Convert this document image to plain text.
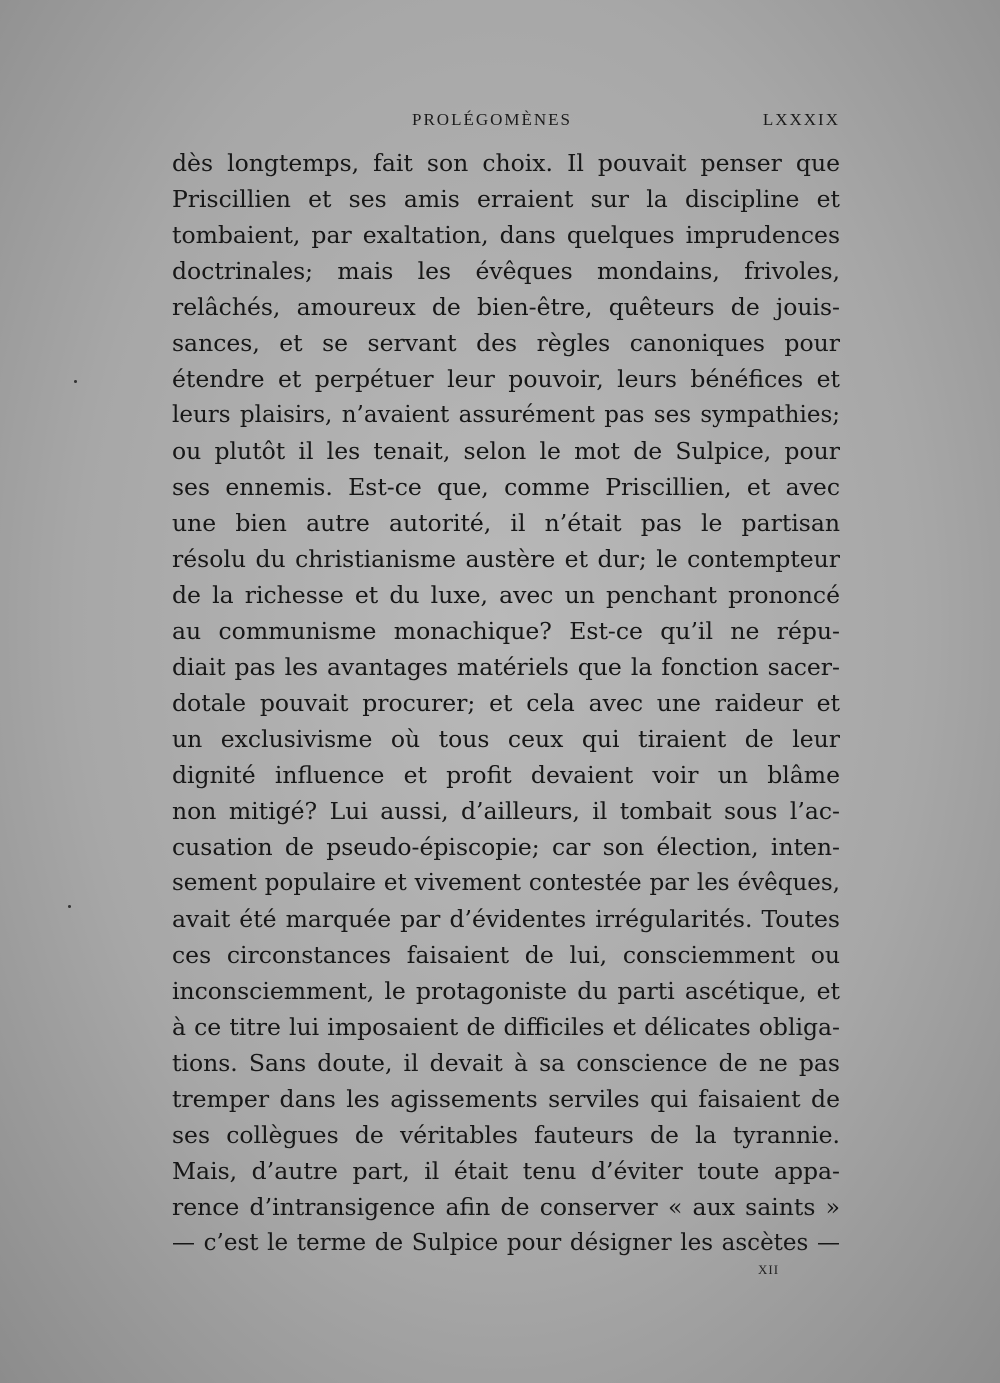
PROLÉGOMÈNES	LXXXIX
dès longtemps, fait son choix. Il pouvait penser que
Priscillien et ses amis erraient sur la discipline et
tombaient, par exaltation, dans quelques imprudences
doctrinales; mais les évêques mondains, frivoles,
relâchés, amoureux de bien-être, quêteurs de jouis-
sances, et se servant des règles canoniques pour
étendre et perpétuer leur pouvoir, leurs bénéfices et
leurs plaisirs, n’avaient assurément pas ses sympathies;
ou plutôt il les tenait, selon le mot de Sulpice, pour
ses ennemis. Est-ce que, comme Priscillien, et avec
une bien autre autorité, il n’était pas le partisan
résolu du christianisme austère et dur; le contempteur
de la richesse et du luxe, avec un penchant prononcé
au communisme monachique? Est-ce qu’il ne répu-
diait pas les avantages matériels que la fonction sacer-
dotale pouvait procurer; et cela avec une raideur et
un exclusivisme où tous ceux qui tiraient de leur
dignité influence et profit devaient voir un blâme
non mitigé? Lui aussi, d’ailleurs, il tombait sous l’ac-
cusation de pseudo-épiscopie; car son élection, inten-
sement populaire et vivement contestée par les évêques,
avait été marquée par d’évidentes irrégularités. Toutes
ces circonstances faisaient de lui, consciemment ou
inconsciemment, le protagoniste du parti ascétique, et
à ce titre lui imposaient de difficiles et délicates obliga-
tions. Sans doute, il devait à sa conscience de ne pas
tremper dans les agissements serviles qui faisaient de
ses collègues de véritables fauteurs de la tyrannie.
Mais, d’autre part, il était tenu d’éviter toute appa-
rence d’intransigence afin de conserver « aux saints »
— c’est le terme de Sulpice pour désigner les ascètes —
XII
